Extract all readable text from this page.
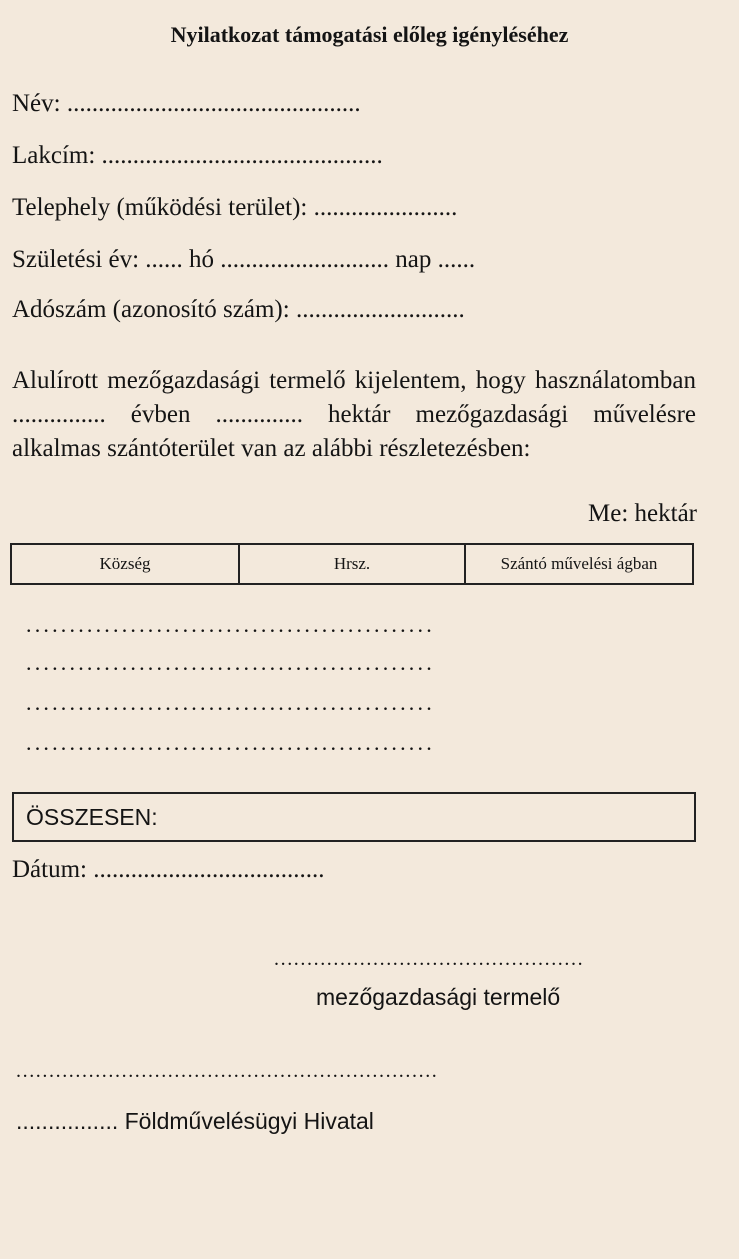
Nyilatkozat támogatási előleg igényléséhez
Név: ...............................................
Lakcím: .............................................
Telephely (működési terület): .......................
Születési év: ...... hó ........................... nap ......
Adószám (azonosító szám): ...........................
Alulírott mezőgazdasági termelő kijelentem, hogy használatomban ............... évben .............. hektár mezőgazdasági művelésre alkalmas szántóterület van az alábbi részletezésben:
Me: hektár
Község	Hrsz.	Szántó művelési ágban
...............................................
...............................................
...............................................
...............................................
ÖSSZESEN:
Dátum: .....................................
...............................................
mezőgazdasági termelő
................................................................
................ Földművelésügyi Hivatal
